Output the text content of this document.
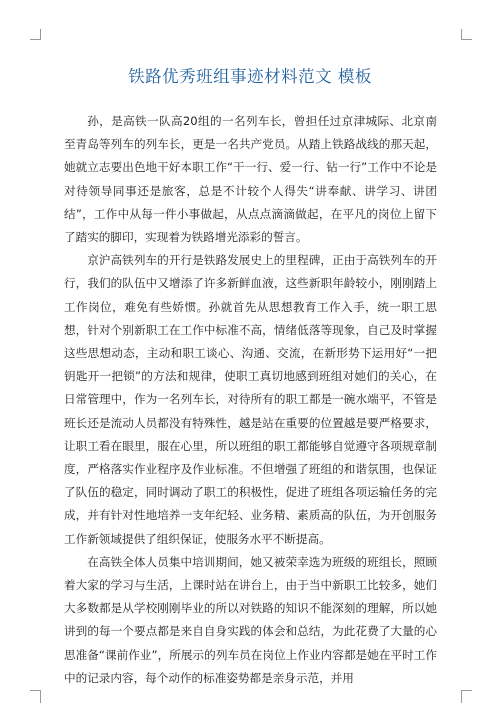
铁路优秀班组事迹材料范文 模板

孙，是高铁一队高20组的一名列车长，曾担任过京津城际、北京南至青岛等列车的列车长，更是一名共产党员。从踏上铁路战线的那天起，她就立志要出色地干好本职工作“干一行、爱一行、钻一行”工作中不论是对待领导同事还是旅客，总是不计较个人得失“讲奉献、讲学习、讲团结”，工作中从每一件小事做起，从点点滴滴做起，在平凡的岗位上留下了踏实的脚印，实现着为铁路增光添彩的誓言。

京沪高铁列车的开行是铁路发展史上的里程碑，正由于高铁列车的开行，我们的队伍中又增添了许多新鲜血液，这些新职年龄较小，刚刚踏上工作岗位，难免有些娇惯。孙就首先从思想教育工作入手，统一职工思想，针对个别新职工在工作中标准不高，情绪低落等现象，自己及时掌握这些思想动态，主动和职工谈心、沟通、交流，在新形势下运用好“一把钥匙开一把锁”的方法和规律，使职工真切地感到班组对她们的关心，在日常管理中，作为一名列车长，对待所有的职工都是一碗水端平，不管是班长还是流动人员都没有特殊性，越是站在重要的位置越是要严格要求，让职工看在眼里，服在心里，所以班组的职工都能够自觉遵守各项规章制度，严格落实作业程序及作业标准。不但增强了班组的和谐氛围，也保证了队伍的稳定，同时调动了职工的积极性，促进了班组各项运输任务的完成，并有针对性地培养一支年纪轻、业务精、素质高的队伍，为开创服务工作新领域提供了组织保证，使服务水平不断提高。

在高铁全体人员集中培训期间，她又被荣幸选为班级的班组长，照顾着大家的学习与生活，上课时站在讲台上，由于当中新职工比较多，她们大多数都是从学校刚刚毕业的所以对铁路的知识不能深刻的理解，所以她讲到的每一个要点都是来自自身实践的体会和总结，为此花费了大量的心思准备“课前作业”，所展示的列车员在岗位上作业内容都是她在平时工作中的记录内容，每个动作的标准姿势都是亲身示范，并用
